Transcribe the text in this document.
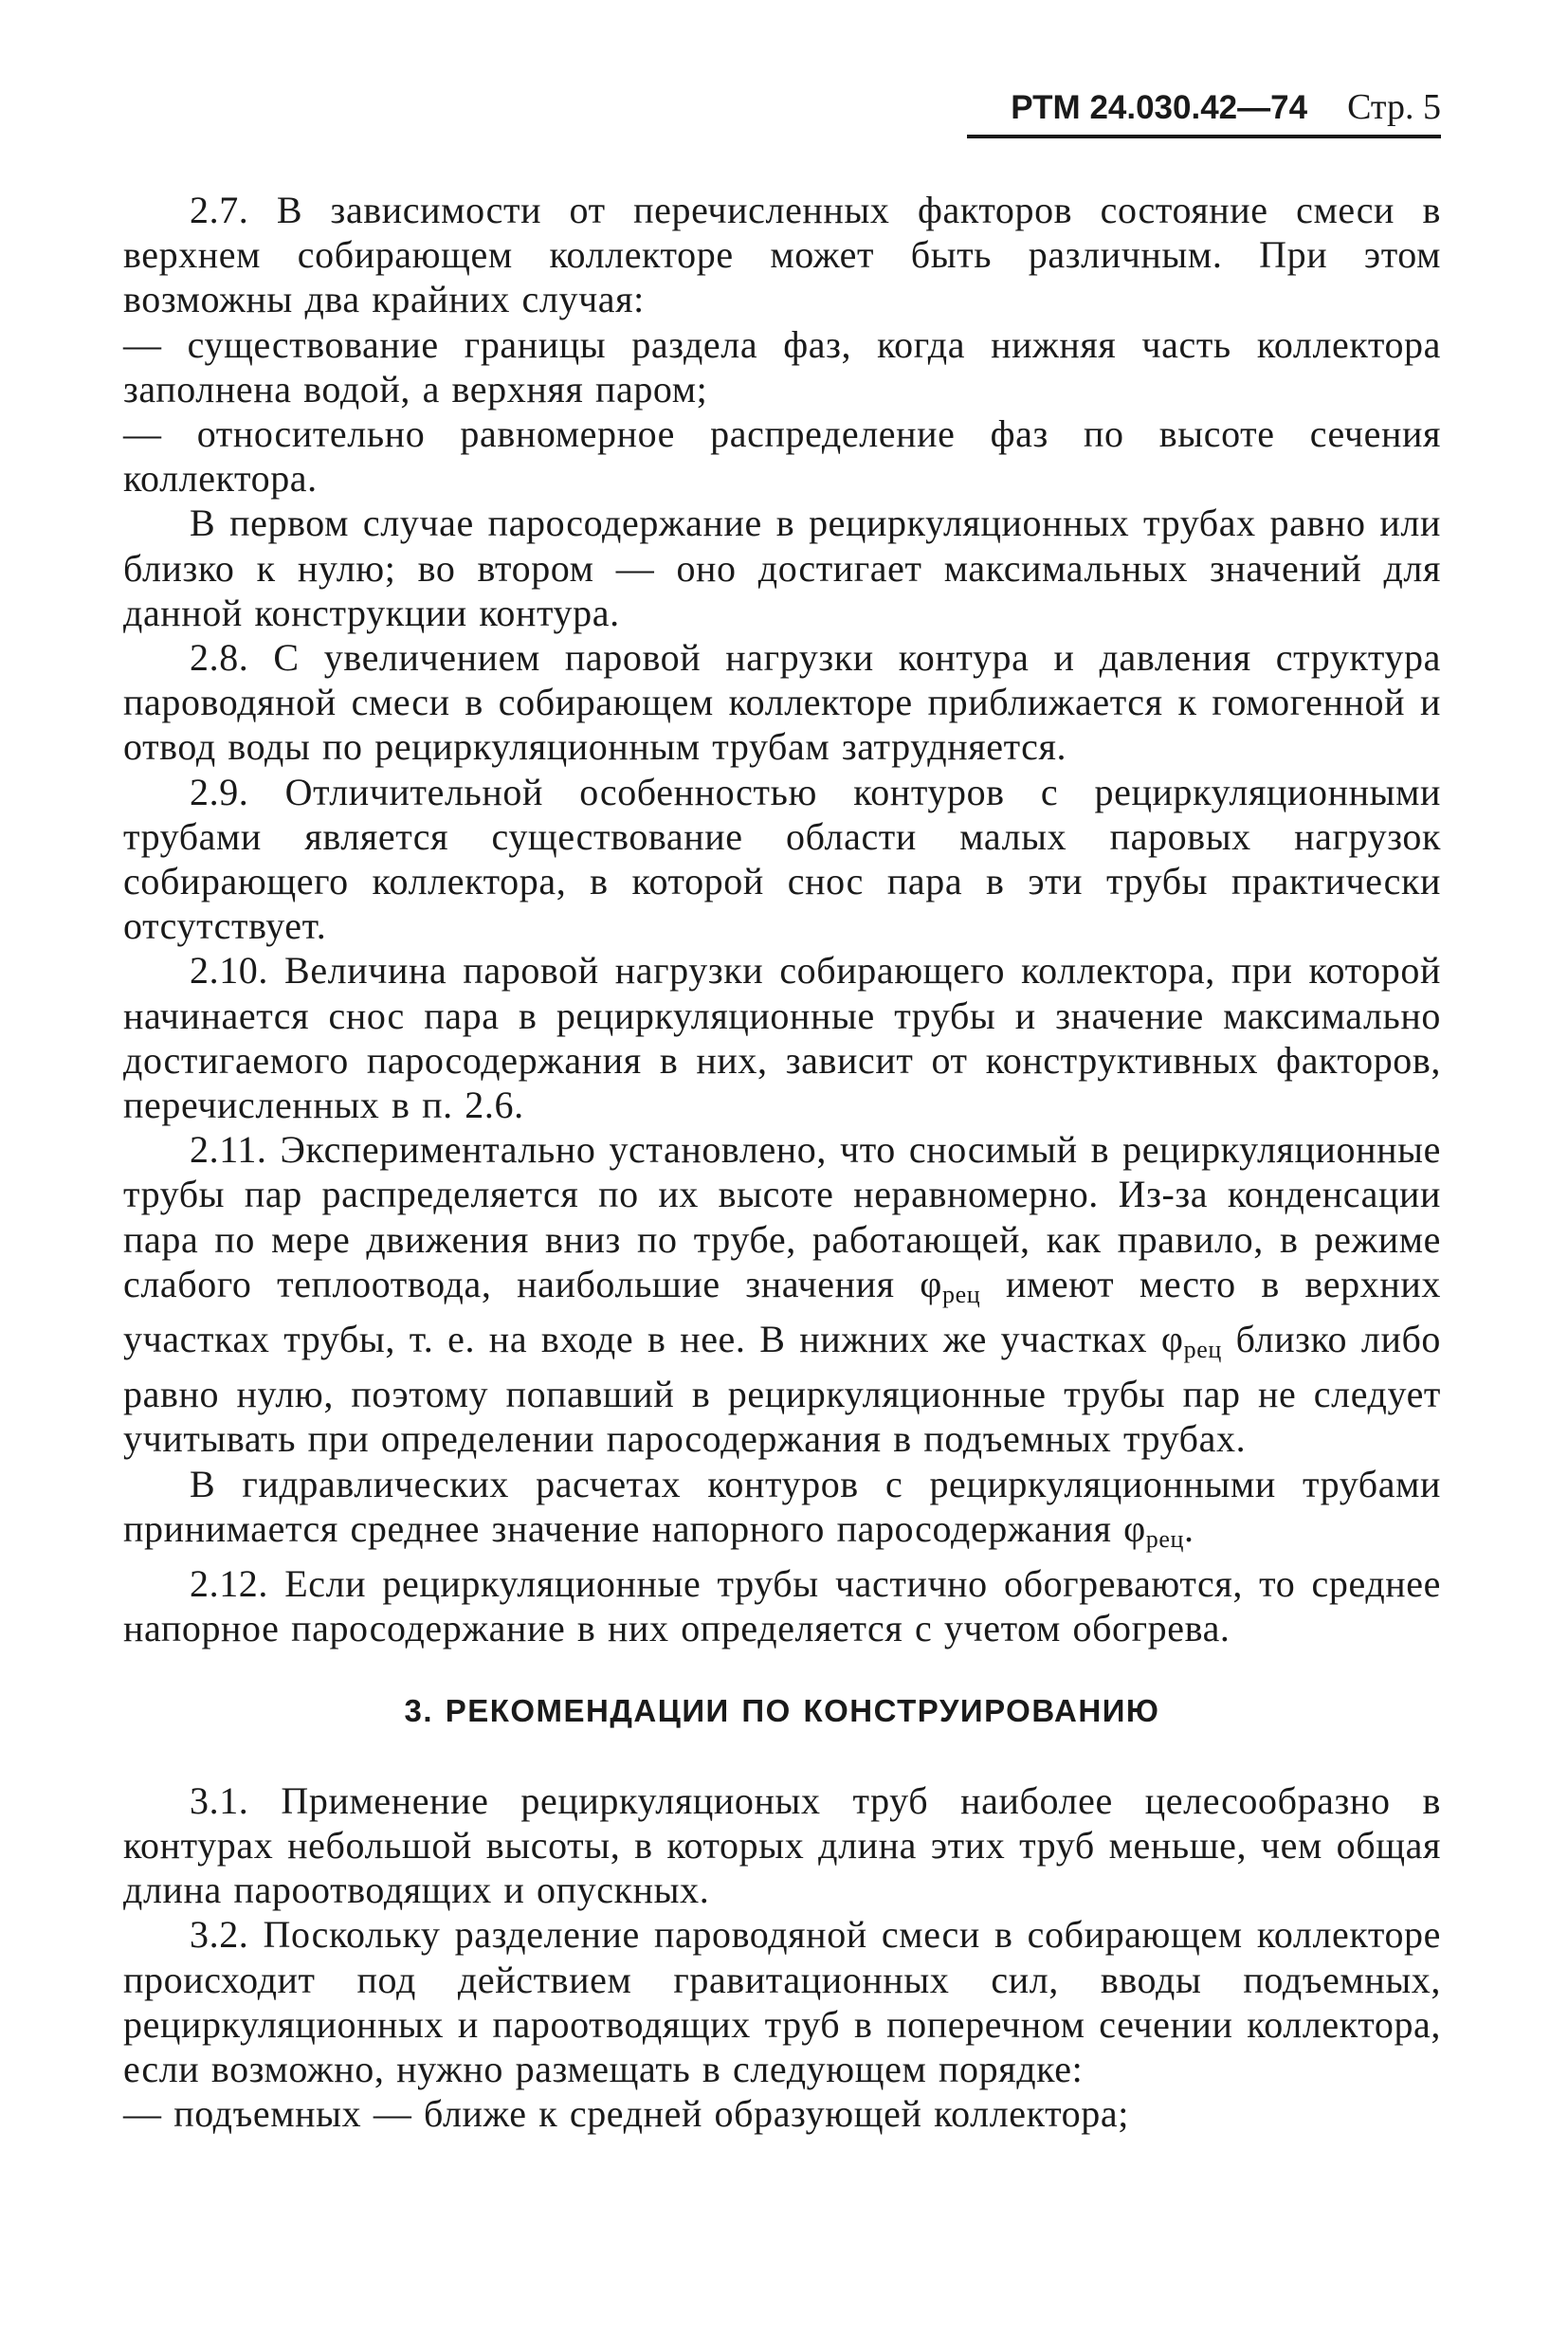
РТМ 24.030.42—74 Стр. 5

2.7. В зависимости от перечисленных факторов состояние смеси в верхнем собирающем коллекторе может быть различным. При этом возможны два крайних случая:

— существование границы раздела фаз, когда нижняя часть коллектора заполнена водой, а верхняя паром;

— относительно равномерное распределение фаз по высоте сечения коллектора.

В первом случае паросодержание в рециркуляционных трубах равно или близко к нулю; во втором — оно достигает максимальных значений для данной конструкции контура.

2.8. С увеличением паровой нагрузки контура и давления структура пароводяной смеси в собирающем коллекторе приближается к гомогенной и отвод воды по рециркуляционным трубам затрудняется.

2.9. Отличительной особенностью контуров с рециркуляционными трубами является существование области малых паровых нагрузок собирающего коллектора, в которой снос пара в эти трубы практически отсутствует.

2.10. Величина паровой нагрузки собирающего коллектора, при которой начинается снос пара в рециркуляционные трубы и значение максимально достигаемого паросодержания в них, зависит от конструктивных факторов, перечисленных в п. 2.6.

2.11. Экспериментально установлено, что сносимый в рециркуляционные трубы пар распределяется по их высоте неравномерно. Из-за конденсации пара по мере движения вниз по трубе, работающей, как правило, в режиме слабого теплоотвода, наибольшие значения $\varphi_{рец}$ имеют место в верхних участках трубы, т. е. на входе в нее. В нижних же участках $\varphi_{рец}$ близко либо равно нулю, поэтому попавший в рециркуляционные трубы пар не следует учитывать при определении паросодержания в подъемных трубах.

В гидравлических расчетах контуров с рециркуляционными трубами принимается среднее значение напорного паросодержания $\varphi_{рец}$.

2.12. Если рециркуляционные трубы частично обогреваются, то среднее напорное паросодержание в них определяется с учетом обогрева.

3. РЕКОМЕНДАЦИИ ПО КОНСТРУИРОВАНИЮ

3.1. Применение рециркуляционых труб наиболее целесообразно в контурах небольшой высоты, в которых длина этих труб меньше, чем общая длина пароотводящих и опускных.

3.2. Поскольку разделение пароводяной смеси в собирающем коллекторе происходит под действием гравитационных сил, вводы подъемных, рециркуляционных и пароотводящих труб в поперечном сечении коллектора, если возможно, нужно размещать в следующем порядке:

— подъемных — ближе к средней образующей коллектора;
